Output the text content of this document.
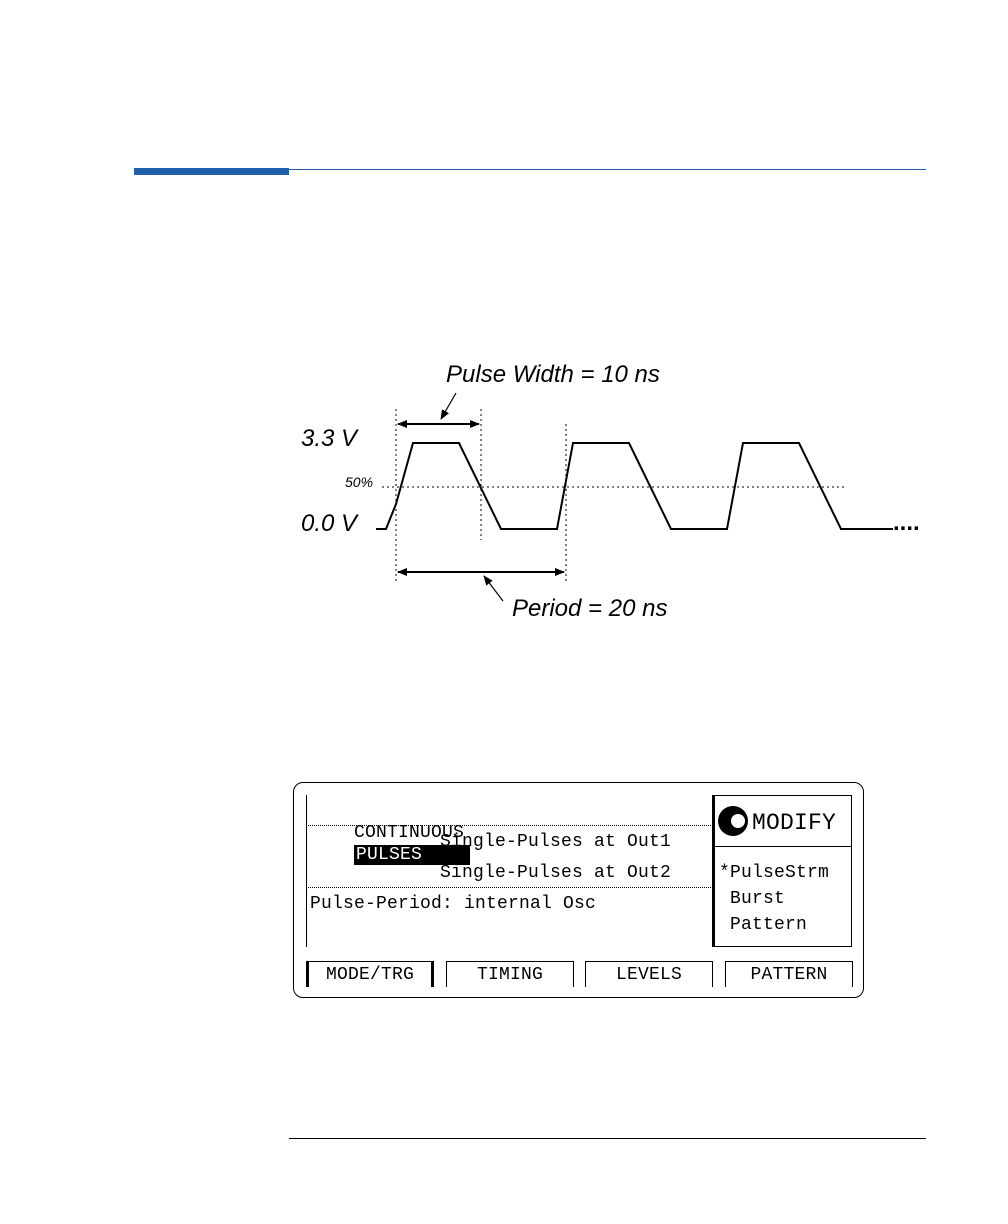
Pulse Width = 10 ns
3.3 V
50%
0.0 V
Period = 20 ns
....

CONTINUOUS
PULSES

Single-Pulses at Out1
Single-Pulses at Out2
Pulse-Period: internal Osc
MODIFY
*PulseStrm
Burst
Pattern
MODE/TRG	TIMING	LEVELS	PATTERN
